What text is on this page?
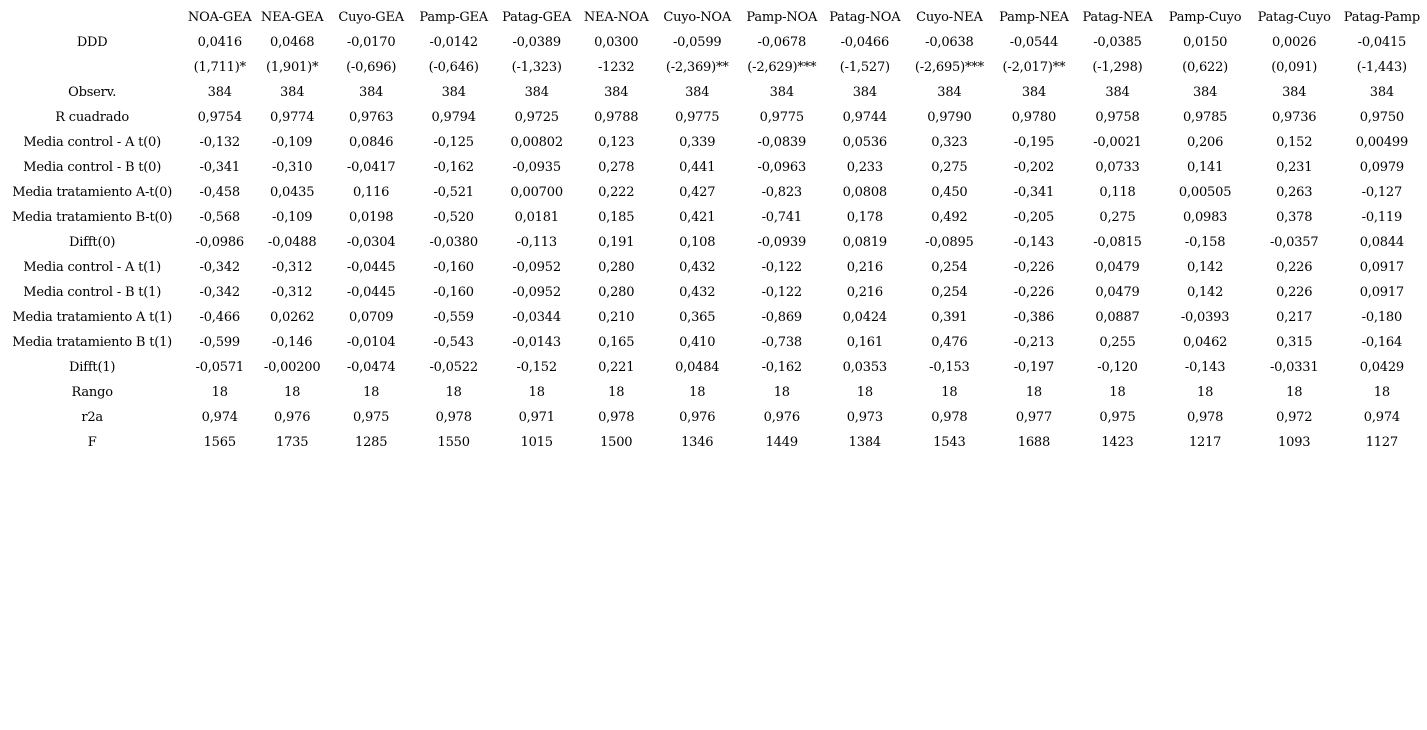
	NOA-GEA	NEA-GEA	Cuyo-GEA	Pamp-GEA	Patag-GEA	NEA-NOA	Cuyo-NOA	Pamp-NOA	Patag-NOA	Cuyo-NEA	Pamp-NEA	Patag-NEA	Pamp-Cuyo	Patag-Cuyo	Patag-Pamp
DDD	0,0416	0,0468	-0,0170	-0,0142	-0,0389	0,0300	-0,0599	-0,0678	-0,0466	-0,0638	-0,0544	-0,0385	0,0150	0,0026	-0,0415
	(1,711)*	(1,901)*	(-0,696)	(-0,646)	(-1,323)	-1232	(-2,369)**	(-2,629)***	(-1,527)	(-2,695)***	(-2,017)**	(-1,298)	(0,622)	(0,091)	(-1,443)
Observ.	384	384	384	384	384	384	384	384	384	384	384	384	384	384	384
R cuadrado	0,9754	0,9774	0,9763	0,9794	0,9725	0,9788	0,9775	0,9775	0,9744	0,9790	0,9780	0,9758	0,9785	0,9736	0,9750
Media control - A t(0)	-0,132	-0,109	0,0846	-0,125	0,00802	0,123	0,339	-0,0839	0,0536	0,323	-0,195	-0,0021	0,206	0,152	0,00499
Media control - B t(0)	-0,341	-0,310	-0,0417	-0,162	-0,0935	0,278	0,441	-0,0963	0,233	0,275	-0,202	0,0733	0,141	0,231	0,0979
Media tratamiento A-t(0)	-0,458	0,0435	0,116	-0,521	0,00700	0,222	0,427	-0,823	0,0808	0,450	-0,341	0,118	0,00505	0,263	-0,127
Media tratamiento B-t(0)	-0,568	-0,109	0,0198	-0,520	0,0181	0,185	0,421	-0,741	0,178	0,492	-0,205	0,275	0,0983	0,378	-0,119
Difft(0)	-0,0986	-0,0488	-0,0304	-0,0380	-0,113	0,191	0,108	-0,0939	0,0819	-0,0895	-0,143	-0,0815	-0,158	-0,0357	0,0844
Media control - A t(1)	-0,342	-0,312	-0,0445	-0,160	-0,0952	0,280	0,432	-0,122	0,216	0,254	-0,226	0,0479	0,142	0,226	0,0917
Media control - B t(1)	-0,342	-0,312	-0,0445	-0,160	-0,0952	0,280	0,432	-0,122	0,216	0,254	-0,226	0,0479	0,142	0,226	0,0917
Media tratamiento A t(1)	-0,466	0,0262	0,0709	-0,559	-0,0344	0,210	0,365	-0,869	0,0424	0,391	-0,386	0,0887	-0,0393	0,217	-0,180
Media tratamiento B t(1)	-0,599	-0,146	-0,0104	-0,543	-0,0143	0,165	0,410	-0,738	0,161	0,476	-0,213	0,255	0,0462	0,315	-0,164
Difft(1)	-0,0571	-0,00200	-0,0474	-0,0522	-0,152	0,221	0,0484	-0,162	0,0353	-0,153	-0,197	-0,120	-0,143	-0,0331	0,0429
Rango	18	18	18	18	18	18	18	18	18	18	18	18	18	18	18
r2a	0,974	0,976	0,975	0,978	0,971	0,978	0,976	0,976	0,973	0,978	0,977	0,975	0,978	0,972	0,974
F	1565	1735	1285	1550	1015	1500	1346	1449	1384	1543	1688	1423	1217	1093	1127
